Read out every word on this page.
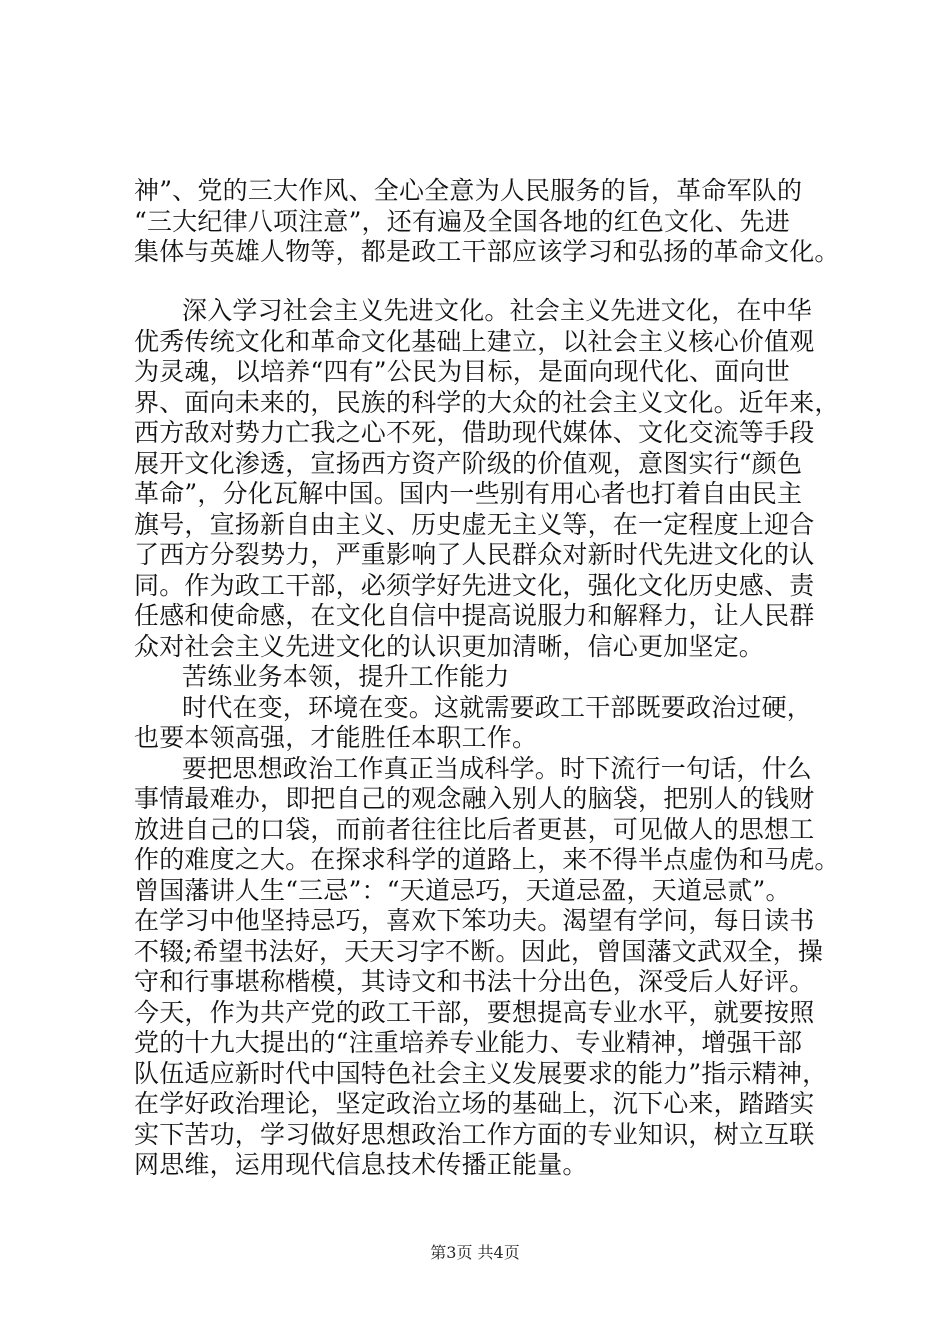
神”、党的三大作风、全心全意为人民服务的旨，革命军队的
“三大纪律八项注意”，还有遍及全国各地的红色文化、先进
集体与英雄人物等，都是政工干部应该学习和弘扬的革命文化。
深入学习社会主义先进文化。社会主义先进文化，在中华
优秀传统文化和革命文化基础上建立，以社会主义核心价值观
为灵魂，以培养“四有”公民为目标，是面向现代化、面向世
界、面向未来的，民族的科学的大众的社会主义文化。近年来，
西方敌对势力亡我之心不死，借助现代媒体、文化交流等手段
展开文化渗透，宣扬西方资产阶级的价值观，意图实行“颜色
革命”，分化瓦解中国。国内一些别有用心者也打着自由民主
旗号，宣扬新自由主义、历史虚无主义等，在一定程度上迎合
了西方分裂势力，严重影响了人民群众对新时代先进文化的认
同。作为政工干部，必须学好先进文化，强化文化历史感、责
任感和使命感，在文化自信中提高说服力和解释力，让人民群
众对社会主义先进文化的认识更加清晰，信心更加坚定。
苦练业务本领，提升工作能力
时代在变，环境在变。这就需要政工干部既要政治过硬，
也要本领高强，才能胜任本职工作。
要把思想政治工作真正当成科学。时下流行一句话，什么
事情最难办，即把自己的观念融入别人的脑袋，把别人的钱财
放进自己的口袋，而前者往往比后者更甚，可见做人的思想工
作的难度之大。在探求科学的道路上，来不得半点虚伪和马虎。
曾国藩讲人生“三忌”：“天道忌巧，天道忌盈，天道忌贰”。
在学习中他坚持忌巧，喜欢下笨功夫。渴望有学问，每日读书
不辍;希望书法好，天天习字不断。因此，曾国藩文武双全，操
守和行事堪称楷模，其诗文和书法十分出色，深受后人好评。
今天，作为共产党的政工干部，要想提高专业水平，就要按照
党的十九大提出的“注重培养专业能力、专业精神，增强干部
队伍适应新时代中国特色社会主义发展要求的能力”指示精神，
在学好政治理论，坚定政治立场的基础上，沉下心来，踏踏实
实下苦功，学习做好思想政治工作方面的专业知识，树立互联
网思维，运用现代信息技术传播正能量。
第3页 共4页
